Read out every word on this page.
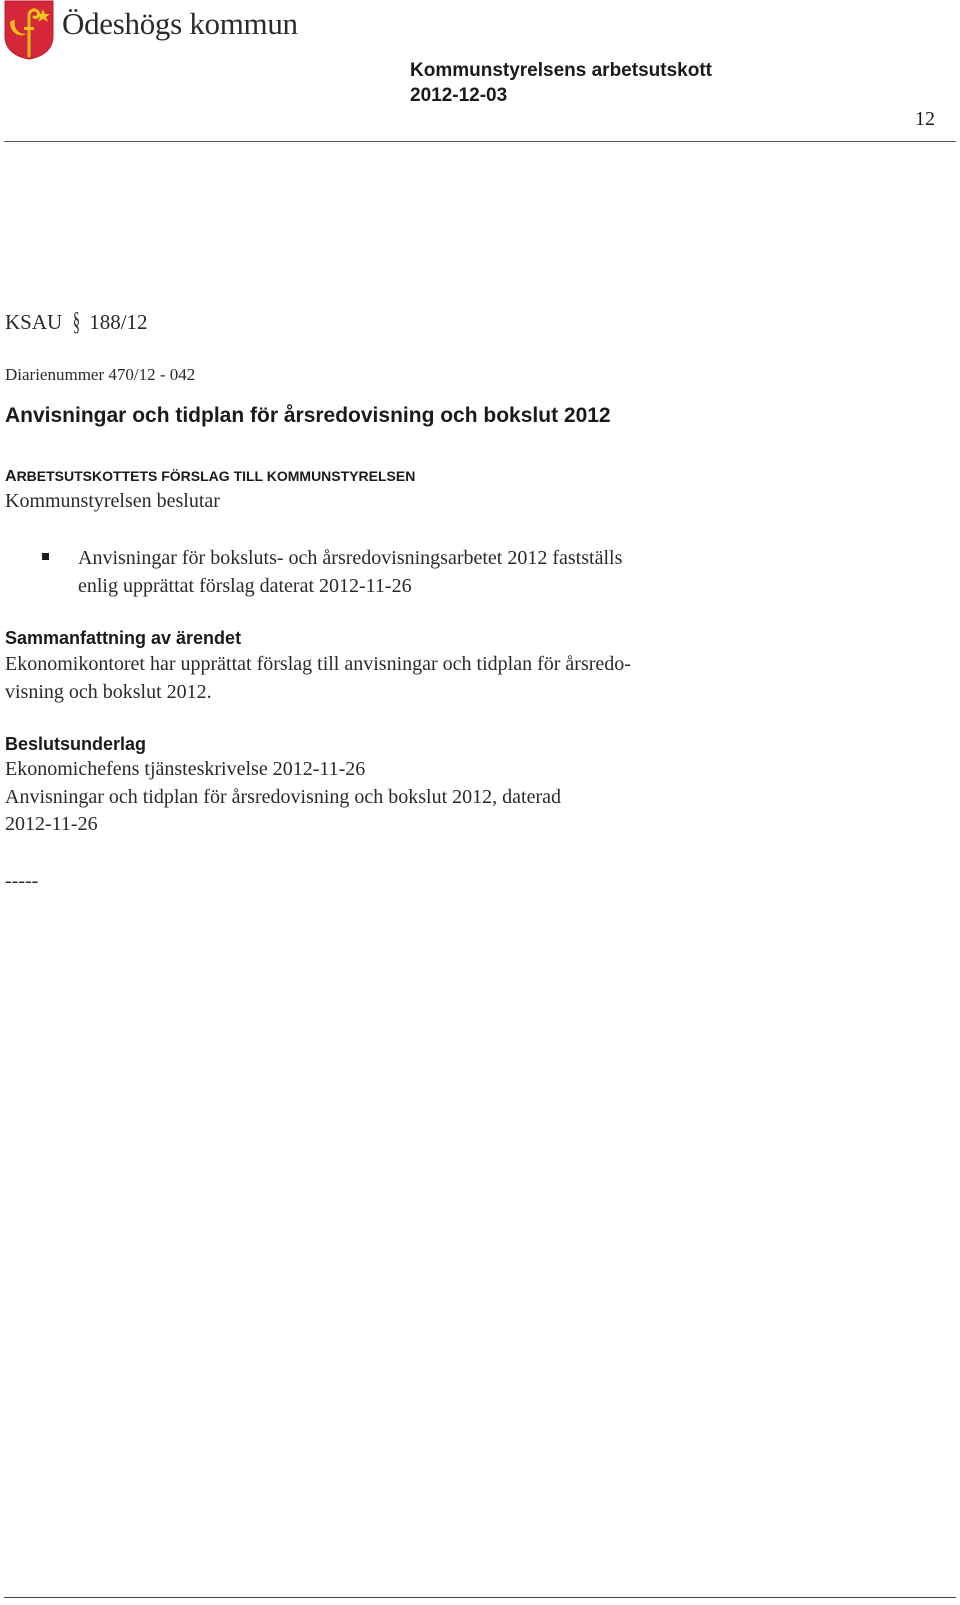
Ödeshögs kommun
Kommunstyrelsens arbetsutskott
2012-12-03
12
KSAU § 188/12
Diarienummer 470/12 - 042
Anvisningar och tidplan för årsredovisning och bokslut 2012
ARBETSUTSKOTTETS FÖRSLAG TILL KOMMUNSTYRELSEN
Kommunstyrelsen beslutar
Anvisningar för boksluts- och årsredovisningsarbetet 2012 fastställs
enlig upprättat förslag daterat 2012-11-26
Sammanfattning av ärendet
Ekonomikontoret har upprättat förslag till anvisningar och tidplan för årsredo-
visning och bokslut 2012.
Beslutsunderlag
Ekonomichefens tjänsteskrivelse 2012-11-26
Anvisningar och tidplan för årsredovisning och bokslut 2012, daterad
2012-11-26
-----
